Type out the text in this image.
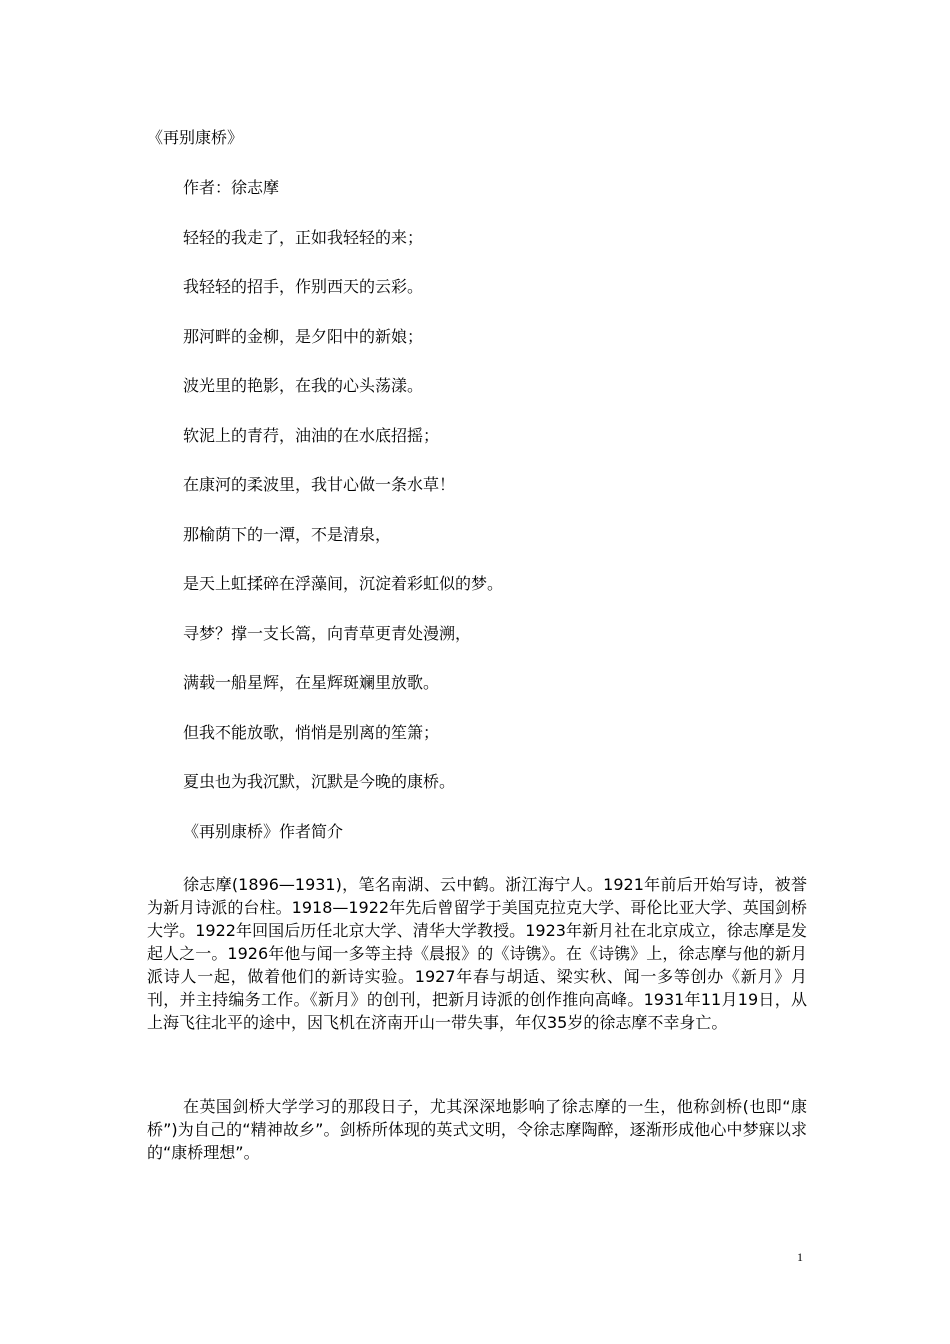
《再别康桥》
作者：徐志摩
轻轻的我走了，正如我轻轻的来；
我轻轻的招手，作别西天的云彩。
那河畔的金柳，是夕阳中的新娘；
波光里的艳影，在我的心头荡漾。
软泥上的青荇，油油的在水底招摇；
在康河的柔波里，我甘心做一条水草！
那榆荫下的一潭，不是清泉，
是天上虹揉碎在浮藻间，沉淀着彩虹似的梦。
寻梦？撑一支长篙，向青草更青处漫溯，
满载一船星辉，在星辉斑斓里放歌。
但我不能放歌，悄悄是别离的笙箫；
夏虫也为我沉默，沉默是今晚的康桥。
《再别康桥》作者简介
徐志摩(1896—1931)，笔名南湖、云中鹤。浙江海宁人。1921年前后开始写诗，被誉为新月诗派的台柱。1918—1922年先后曾留学于美国克拉克大学、哥伦比亚大学、英国剑桥大学。1922年回国后历任北京大学、清华大学教授。1923年新月社在北京成立，徐志摩是发起人之一。1926年他与闻一多等主持《晨报》的《诗镌》。在《诗镌》上，徐志摩与他的新月派诗人一起，做着他们的新诗实验。1927年春与胡适、梁实秋、闻一多等创办《新月》月刊，并主持编务工作。《新月》的创刊，把新月诗派的创作推向高峰。1931年11月19日，从上海飞往北平的途中，因飞机在济南开山一带失事，年仅35岁的徐志摩不幸身亡。
在英国剑桥大学学习的那段日子，尤其深深地影响了徐志摩的一生，他称剑桥(也即“康桥”)为自己的“精神故乡”。剑桥所体现的英式文明，令徐志摩陶醉，逐渐形成他心中梦寐以求的“康桥理想”。
1
